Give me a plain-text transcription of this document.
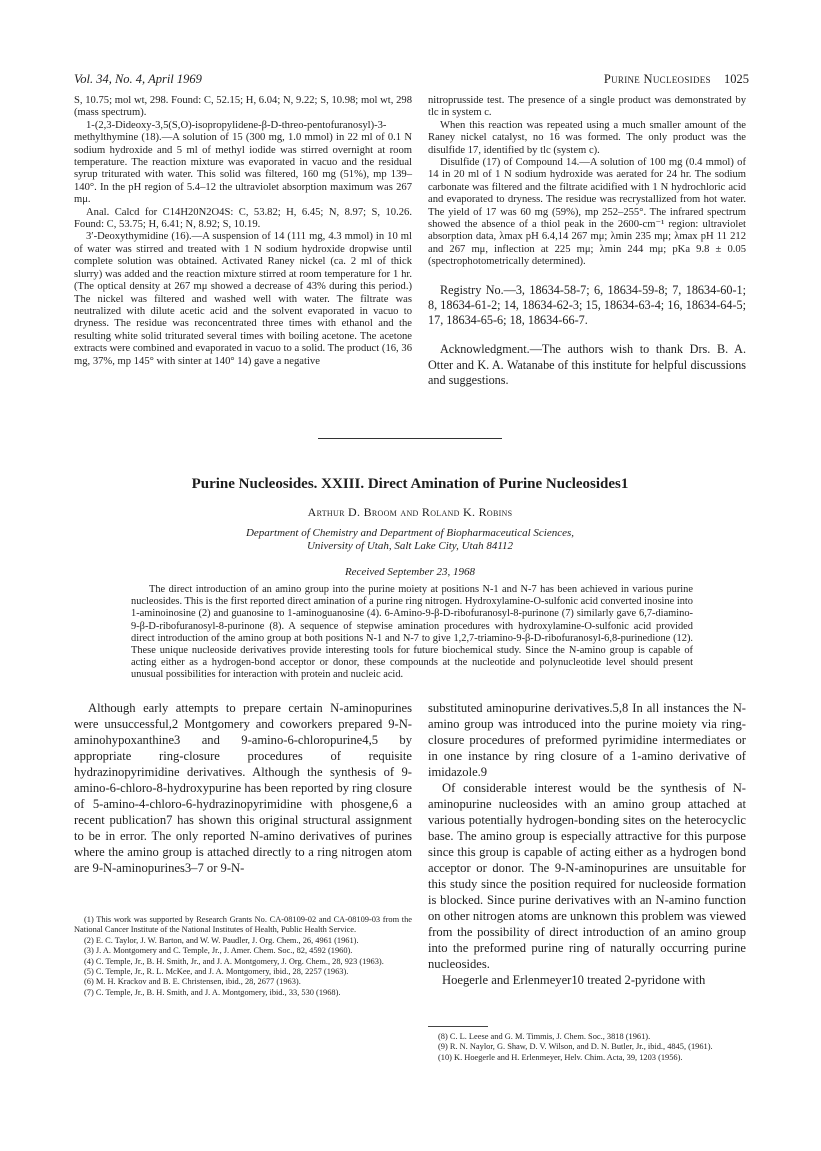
Vol. 34, No. 4, April 1969	Purine Nucleosides 1025

S, 10.75; mol wt, 298. Found: C, 52.15; H, 6.04; N, 9.22; S, 10.98; mol wt, 298 (mass spectrum).

1-(2,3-Dideoxy-3,5(S,O)-isopropylidene-β-D-threo-pentofuranosyl)-3-methylthymine (18).—A solution of 15 (300 mg, 1.0 mmol) in 22 ml of 0.1 N sodium hydroxide and 5 ml of methyl iodide was stirred overnight at room temperature. The reaction mixture was evaporated in vacuo and the residual syrup triturated with water. This solid was filtered, 160 mg (51%), mp 139–140°. In the pH region of 5.4–12 the ultraviolet absorption maximum was 267 mμ.

Anal. Calcd for C14H20N2O4S: C, 53.82; H, 6.45; N, 8.97; S, 10.26. Found: C, 53.75; H, 6.41; N, 8.92; S, 10.19.

3′-Deoxythymidine (16).—A suspension of 14 (111 mg, 4.3 mmol) in 10 ml of water was stirred and treated with 1 N sodium hydroxide dropwise until complete solution was obtained. Activated Raney nickel (ca. 2 ml of thick slurry) was added and the reaction mixture stirred at room temperature for 1 hr. (The optical density at 267 mμ showed a decrease of 43% during this period.) The nickel was filtered and washed well with water. The filtrate was neutralized with dilute acetic acid and the solvent evaporated in vacuo to dryness. The residue was reconcentrated three times with ethanol and the resulting white solid triturated several times with boiling acetone. The acetone extracts were combined and evaporated in vacuo to a solid. The product (16, 36 mg, 37%, mp 145° with sinter at 140° 14) gave a negative

nitroprusside test. The presence of a single product was demonstrated by tlc in system c.

When this reaction was repeated using a much smaller amount of the Raney nickel catalyst, no 16 was formed. The only product was the disulfide 17, identified by tlc (system c).

Disulfide (17) of Compound 14.—A solution of 100 mg (0.4 mmol) of 14 in 20 ml of 1 N sodium hydroxide was aerated for 24 hr. The sodium carbonate was filtered and the filtrate acidified with 1 N hydrochloric acid and evaporated to dryness. The residue was recrystallized from hot water. The yield of 17 was 60 mg (59%), mp 252–255°. The infrared spectrum showed the absence of a thiol peak in the 2600-cm⁻¹ region: ultraviolet absorption data, λmax pH 6.4,14 267 mμ; λmin 235 mμ; λmax pH 11 212 and 267 mμ, inflection at 225 mμ; λmin 244 mμ; pKa 9.8 ± 0.05 (spectrophotometrically determined).

Registry No.—3, 18634-58-7; 6, 18634-59-8; 7, 18634-60-1; 8, 18634-61-2; 14, 18634-62-3; 15, 18634-63-4; 16, 18634-64-5; 17, 18634-65-6; 18, 18634-66-7.

Acknowledgment.—The authors wish to thank Drs. B. A. Otter and K. A. Watanabe of this institute for helpful discussions and suggestions.

Purine Nucleosides. XXIII. Direct Amination of Purine Nucleosides1
Arthur D. Broom and Roland K. Robins
Department of Chemistry and Department of Biopharmaceutical Sciences,
University of Utah, Salt Lake City, Utah 84112
Received September 23, 1968

The direct introduction of an amino group into the purine moiety at positions N-1 and N-7 has been achieved in various purine nucleosides. This is the first reported direct amination of a purine ring nitrogen. Hydroxylamine-O-sulfonic acid converted inosine into 1-aminoinosine (2) and guanosine to 1-aminoguanosine (4). 6-Amino-9-β-D-ribofuranosyl-8-purinone (7) similarly gave 6,7-diamino-9-β-D-ribofuranosyl-8-purinone (8). A sequence of stepwise amination procedures with hydroxylamine-O-sulfonic acid provided direct introduction of the amino group at both positions N-1 and N-7 to give 1,2,7-triamino-9-β-D-ribofuranosyl-6,8-purinedione (12). These unique nucleoside derivatives provide interesting tools for future biochemical study. Since the N-amino group is capable of acting either as a hydrogen-bond acceptor or donor, these compounds at the nucleotide and polynucleotide level should present unusual possibilities for interaction with protein and nucleic acid.

Although early attempts to prepare certain N-aminopurines were unsuccessful,2 Montgomery and coworkers prepared 9-N-aminohypoxanthine3 and 9-amino-6-chloropurine4,5 by appropriate ring-closure procedures of requisite hydrazinopyrimidine derivatives. Although the synthesis of 9-amino-6-chloro-8-hydroxypurine has been reported by ring closure of 5-amino-4-chloro-6-hydrazinopyrimidine with phosgene,6 a recent publication7 has shown this original structural assignment to be in error. The only reported N-amino derivatives of purines where the amino group is attached directly to a ring nitrogen atom are 9-N-aminopurines3–7 or 9-N-

substituted aminopurine derivatives.5,8 In all instances the N-amino group was introduced into the purine moiety via ring-closure procedures of preformed pyrimidine intermediates or in one instance by ring closure of a 1-amino derivative of imidazole.9

Of considerable interest would be the synthesis of N-aminopurine nucleosides with an amino group attached at various potentially hydrogen-bonding sites on the heterocyclic base. The amino group is especially attractive for this purpose since this group is capable of acting either as a hydrogen bond acceptor or donor. The 9-N-aminopurines are unsuitable for this study since the position required for nucleoside formation is blocked. Since purine derivatives with an N-amino function on other nitrogen atoms are unknown this problem was viewed from the possibility of direct introduction of an amino group into the preformed purine ring of naturally occurring purine nucleosides.

Hoegerle and Erlenmeyer10 treated 2-pyridone with

(1) This work was supported by Research Grants No. CA-08109-02 and CA-08109-03 from the National Cancer Institute of the National Institutes of Health, Public Health Service.
(2) E. C. Taylor, J. W. Barton, and W. W. Paudler, J. Org. Chem., 26, 4961 (1961).
(3) J. A. Montgomery and C. Temple, Jr., J. Amer. Chem. Soc., 82, 4592 (1960).
(4) C. Temple, Jr., B. H. Smith, Jr., and J. A. Montgomery, J. Org. Chem., 28, 923 (1963).
(5) C. Temple, Jr., R. L. McKee, and J. A. Montgomery, ibid., 28, 2257 (1963).
(6) M. H. Krackov and B. E. Christensen, ibid., 28, 2677 (1963).
(7) C. Temple, Jr., B. H. Smith, and J. A. Montgomery, ibid., 33, 530 (1968).
(8) C. L. Leese and G. M. Timmis, J. Chem. Soc., 3818 (1961).
(9) R. N. Naylor, G. Shaw, D. V. Wilson, and D. N. Butler, Jr., ibid., 4845, (1961).
(10) K. Hoegerle and H. Erlenmeyer, Helv. Chim. Acta, 39, 1203 (1956).
